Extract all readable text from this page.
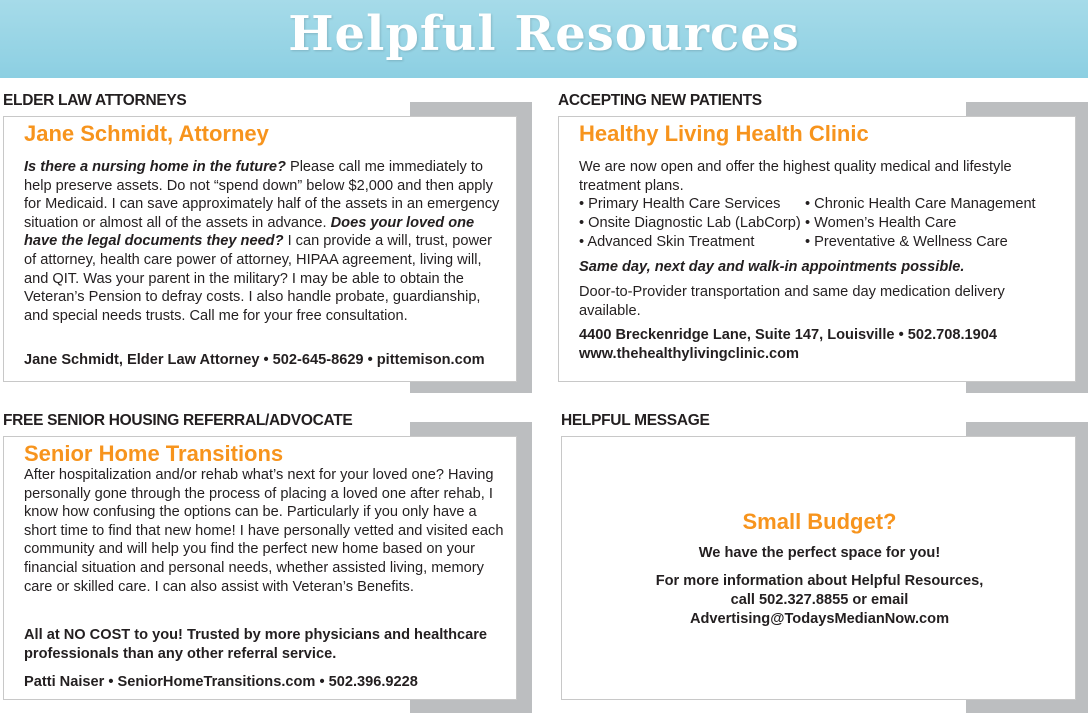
Helpful Resources
ELDER LAW ATTORNEYS
Jane Schmidt, Attorney

Is there a nursing home in the future? Please call me immediately to help preserve assets. Do not “spend down” below $2,000 and then apply for Medicaid. I can save approximately half of the assets in an emergency situation or almost all of the assets in advance. Does your loved one have the legal documents they need? I can provide a will, trust, power of attorney, health care power of attorney, HIPAA agreement, living will, and QIT. Was your parent in the military? I may be able to obtain the Veteran’s Pension to defray costs. I also handle probate, guardianship, and special needs trusts. Call me for your free consultation.

Jane Schmidt, Elder Law Attorney • 502-645-8629 • pittemison.com

ACCEPTING NEW PATIENTS
Healthy Living Health Clinic

We are now open and offer the highest quality medical and lifestyle treatment plans.

• Primary Health Care Services
• Onsite Diagnostic Lab (LabCorp)
• Advanced Skin Treatment
• Chronic Health Care Management
• Women’s Health Care
• Preventative & Wellness Care

Same day, next day and walk-in appointments possible.

Door-to-Provider transportation and same day medication delivery available.

4400 Breckenridge Lane, Suite 147, Louisville • 502.708.1904

www.thehealthylivingclinic.com

FREE SENIOR HOUSING REFERRAL/ADVOCATE
Senior Home Transitions

After hospitalization and/or rehab what’s next for your loved one? Having personally gone through the process of placing a loved one after rehab, I know how confusing the options can be. Particularly if you only have a short time to find that new home! I have personally vetted and visited each community and will help you find the perfect new home based on your financial situation and personal needs, whether assisted living, memory care or skilled care. I can also assist with Veteran’s Benefits.

All at NO COST to you! Trusted by more physicians and healthcare professionals than any other referral service.

Patti Naiser • SeniorHomeTransitions.com • 502.396.9228

HELPFUL MESSAGE
Small Budget?

We have the perfect space for you!

For more information about Helpful Resources,

call 502.327.8855 or email

Advertising@TodaysMedianNow.com
